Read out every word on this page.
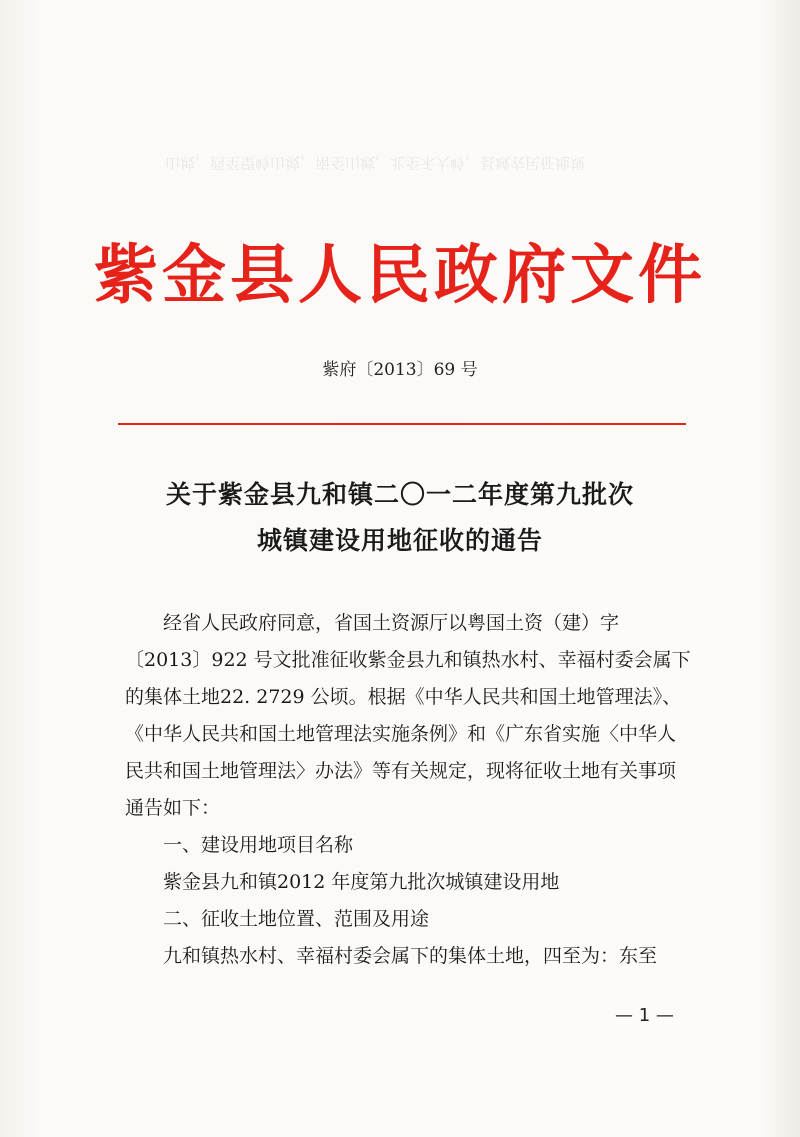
山坡，西至望岭山坡，南至山坡，北至禾大岭，县域农民征地规
紫金县人民政府文件
紫府〔2013〕69 号
关于紫金县九和镇二〇一二年度第九批次
城镇建设用地征收的通告

经省人民政府同意，省国土资源厅以粤国土资（建）字〔2013〕922 号文批准征收紫金县九和镇热水村、幸福村委会属下的集体土地22. 2729 公顷。根据《中华人民共和国土地管理法》、《中华人民共和国土地管理法实施条例》和《广东省实施〈中华人民共和国土地管理法〉办法》等有关规定，现将征收土地有关事项通告如下：

一、建设用地项目名称

紫金县九和镇2012 年度第九批次城镇建设用地

二、征收土地位置、范围及用途

九和镇热水村、幸福村委会属下的集体土地，四至为：东至

— 1 —
